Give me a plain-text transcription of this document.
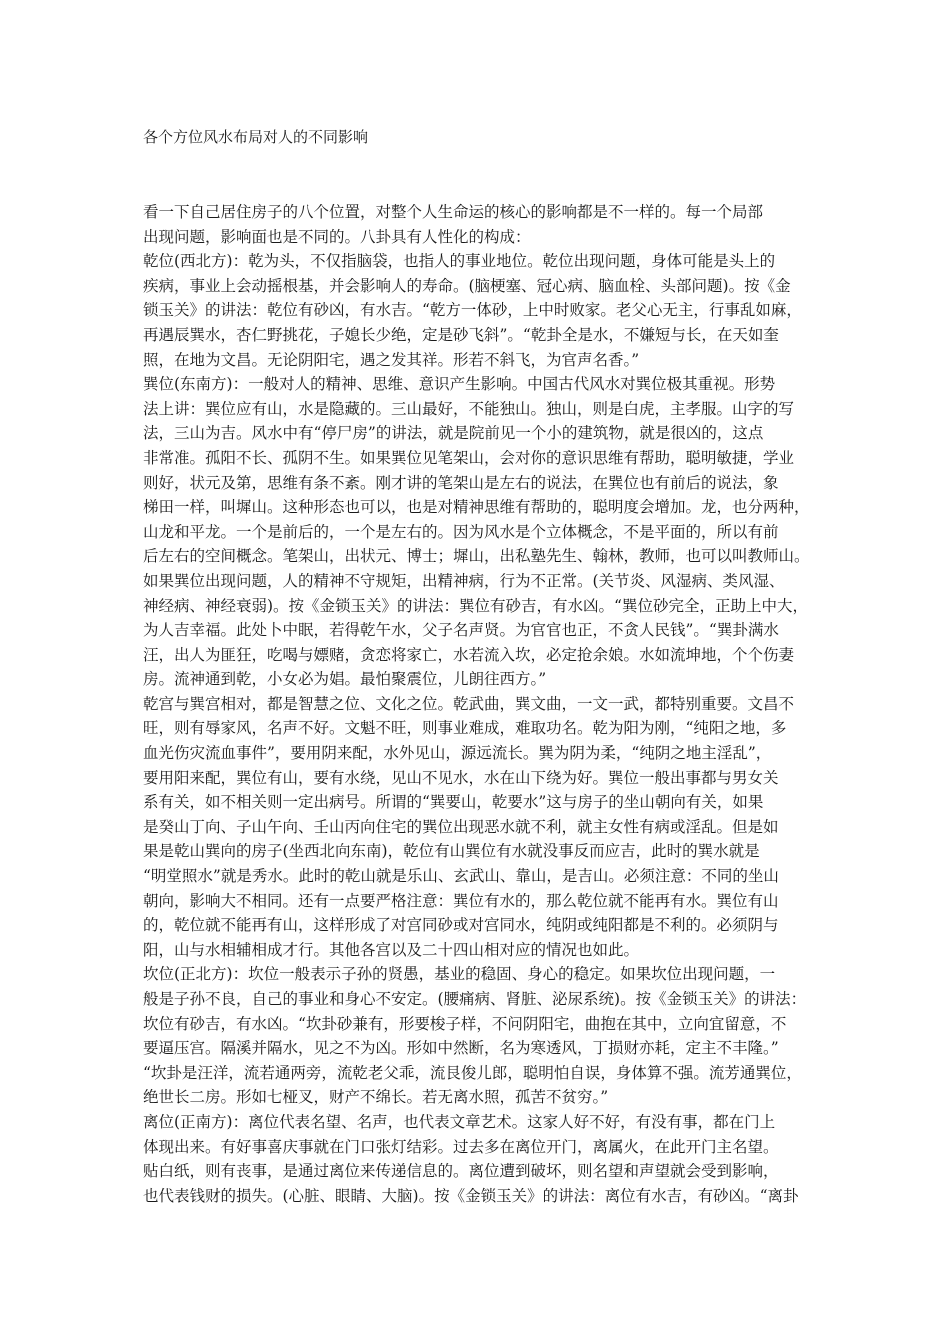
各个方位风水布局对人的不同影响

看一下自己居住房子的八个位置，对整个人生命运的核心的影响都是不一样的。每一个局部

出现问题，影响面也是不同的。八卦具有人性化的构成：

乾位(西北方)：乾为头，不仅指脑袋，也指人的事业地位。乾位出现问题，身体可能是头上的

疾病，事业上会动摇根基，并会影响人的寿命。(脑梗塞、冠心病、脑血栓、头部问题)。按《金

锁玉关》的讲法：乾位有砂凶，有水吉。“乾方一体砂，上中时败家。老父心无主，行事乱如麻，

再遇辰巽水，杏仁野挑花，子媳长少绝，定是砂飞斜”。“乾卦全是水，不嫌短与长，在天如奎

照，在地为文昌。无论阴阳宅，遇之发其祥。形若不斜飞，为官声名香。”

巽位(东南方)：一般对人的精神、思维、意识产生影响。中国古代风水对巽位极其重视。形势

法上讲：巽位应有山，水是隐藏的。三山最好，不能独山。独山，则是白虎，主孝服。山字的写

法，三山为吉。风水中有“停尸房”的讲法，就是院前见一个小的建筑物，就是很凶的，这点

非常准。孤阳不长、孤阴不生。如果巽位见笔架山，会对你的意识思维有帮助，聪明敏捷，学业

则好，状元及第，思维有条不紊。刚才讲的笔架山是左右的说法，在巽位也有前后的说法，象

梯田一样，叫墀山。这种形态也可以，也是对精神思维有帮助的，聪明度会增加。龙，也分两种，

山龙和平龙。一个是前后的，一个是左右的。因为风水是个立体概念，不是平面的，所以有前

后左右的空间概念。笔架山，出状元、博士；墀山，出私塾先生、翰林，教师，也可以叫教师山。

如果巽位出现问题，人的精神不守规矩，出精神病，行为不正常。(关节炎、风湿病、类风湿、

神经病、神经衰弱)。按《金锁玉关》的讲法：巽位有砂吉，有水凶。“巽位砂完全，正助上中大，

为人吉幸福。此处卜中眠，若得乾午水，父子名声贤。为官官也正，不贪人民钱”。“巽卦满水

汪，出人为匪狂，吃喝与嫖赌，贪恋将家亡，水若流入坎，必定抢余娘。水如流坤地，个个伤妻

房。流神通到乾，小女必为娼。最怕聚震位，儿朗往西方。”

乾宫与巽宫相对，都是智慧之位、文化之位。乾武曲，巽文曲，一文一武，都特别重要。文昌不

旺，则有辱家风，名声不好。文魁不旺，则事业难成，难取功名。乾为阳为刚，“纯阳之地，多

血光伤灾流血事件”，要用阴来配，水外见山，源远流长。巽为阴为柔，“纯阴之地主淫乱”，

要用阳来配，巽位有山，要有水绕，见山不见水，水在山下绕为好。巽位一般出事都与男女关

系有关，如不相关则一定出病号。所谓的“巽要山，乾要水”这与房子的坐山朝向有关，如果

是癸山丁向、子山午向、壬山丙向住宅的巽位出现恶水就不利，就主女性有病或淫乱。但是如

果是乾山巽向的房子(坐西北向东南)，乾位有山巽位有水就没事反而应吉，此时的巽水就是

“明堂照水”就是秀水。此时的乾山就是乐山、玄武山、靠山，是吉山。必须注意：不同的坐山

朝向，影响大不相同。还有一点要严格注意：巽位有水的，那么乾位就不能再有水。巽位有山

的，乾位就不能再有山，这样形成了对宫同砂或对宫同水，纯阴或纯阳都是不利的。必须阴与

阳，山与水相辅相成才行。其他各宫以及二十四山相对应的情况也如此。

坎位(正北方)：坎位一般表示子孙的贤愚，基业的稳固、身心的稳定。如果坎位出现问题，一

般是子孙不良，自己的事业和身心不安定。(腰痛病、肾脏、泌尿系统)。按《金锁玉关》的讲法：

坎位有砂吉，有水凶。“坎卦砂兼有，形要梭子样，不问阴阳宅，曲抱在其中，立向宜留意，不

要逼压宫。隔溪并隔水，见之不为凶。形如中然断，名为寒透风，丁损财亦耗，定主不丰隆。”

“坎卦是汪洋，流若通两旁，流乾老父乖，流艮俊儿郎，聪明怕自误，身体算不强。流芳通巽位，

绝世长二房。形如七桠叉，财产不绵长。若无离水照，孤苦不贫穷。”

离位(正南方)：离位代表名望、名声，也代表文章艺术。这家人好不好，有没有事，都在门上

体现出来。有好事喜庆事就在门口张灯结彩。过去多在离位开门，离属火，在此开门主名望。

贴白纸，则有丧事，是通过离位来传递信息的。离位遭到破坏，则名望和声望就会受到影响，

也代表钱财的损失。(心脏、眼睛、大脑)。按《金锁玉关》的讲法：离位有水吉，有砂凶。“离卦
